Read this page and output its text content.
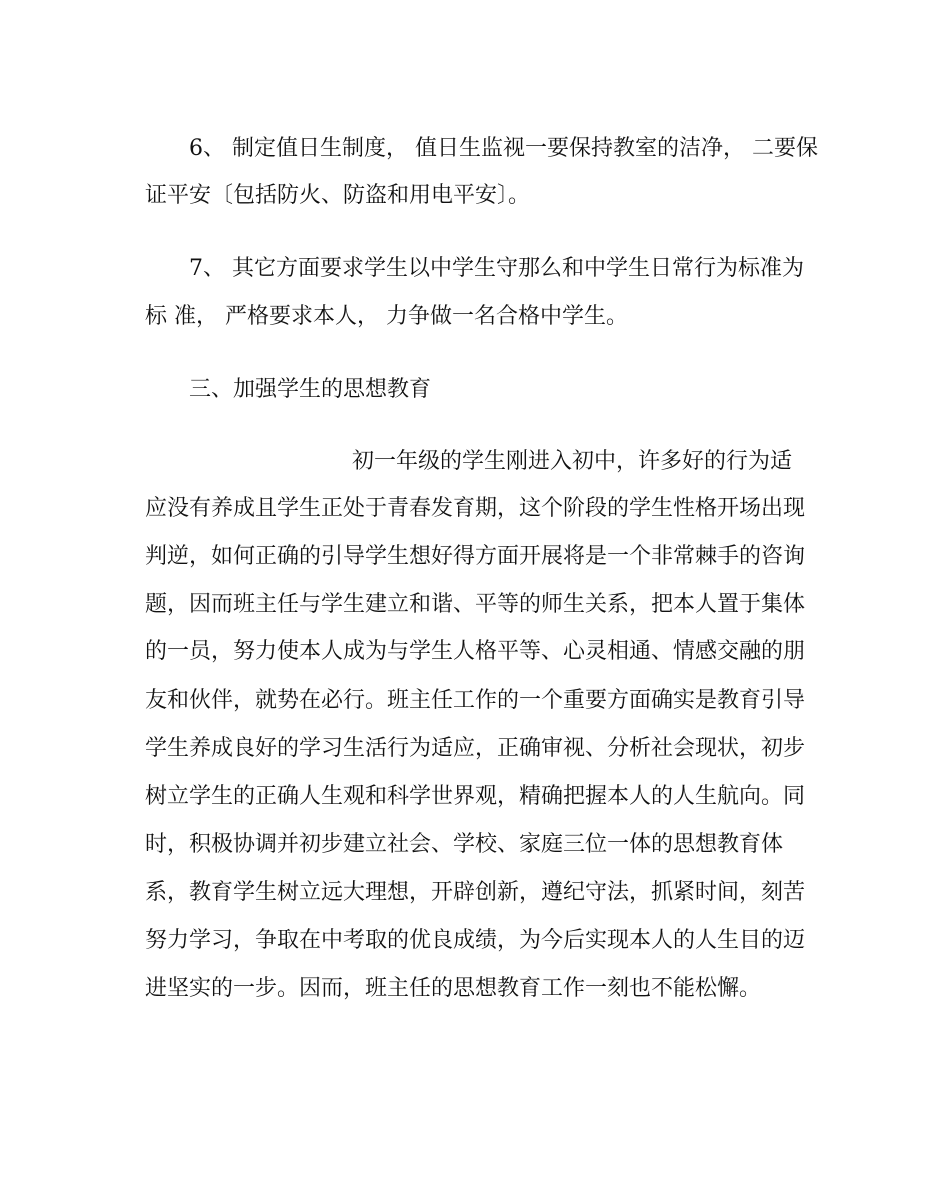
6、 制定值日生制度， 值日生监视一要保持教室的洁净， 二要保
证平安〔包括防火、防盗和用电平安〕。
7、 其它方面要求学生以中学生守那么和中学生日常行为标准为
标 准， 严格要求本人， 力争做一名合格中学生。
三、加强学生的思想教育
初一年级的学生刚进入初中，许多好的行为适
应没有养成且学生正处于青春发育期，这个阶段的学生性格开场出现
判逆，如何正确的引导学生想好得方面开展将是一个非常棘手的咨询
题，因而班主任与学生建立和谐、平等的师生关系，把本人置于集体
的一员，努力使本人成为与学生人格平等、心灵相通、情感交融的朋
友和伙伴，就势在必行。班主任工作的一个重要方面确实是教育引导
学生养成良好的学习生活行为适应，正确审视、分析社会现状，初步
树立学生的正确人生观和科学世界观，精确把握本人的人生航向。同
时，积极协调并初步建立社会、学校、家庭三位一体的思想教育体
系，教育学生树立远大理想，开辟创新，遵纪守法，抓紧时间，刻苦
努力学习，争取在中考取的优良成绩，为今后实现本人的人生目的迈
进坚实的一步。因而，班主任的思想教育工作一刻也不能松懈。
